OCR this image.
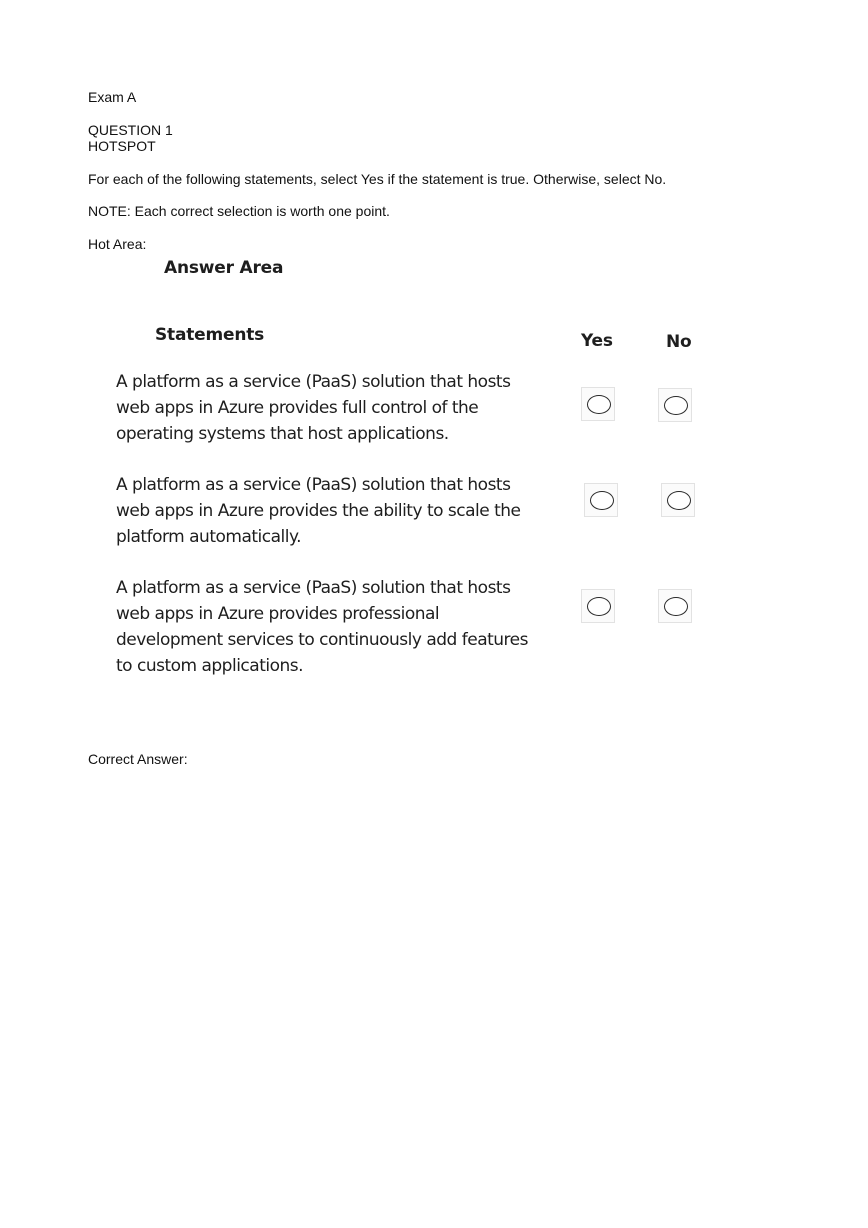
Exam A
QUESTION 1
HOTSPOT
For each of the following statements, select Yes if the statement is true. Otherwise, select No.
NOTE: Each correct selection is worth one point.
Hot Area:
Answer Area
Statements	Yes	No
A platform as a service (PaaS) solution that hosts
web apps in Azure provides full control of the
operating systems that host applications.
A platform as a service (PaaS) solution that hosts
web apps in Azure provides the ability to scale the
platform automatically.
A platform as a service (PaaS) solution that hosts
web apps in Azure provides professional
development services to continuously add features
to custom applications.
Correct Answer:
